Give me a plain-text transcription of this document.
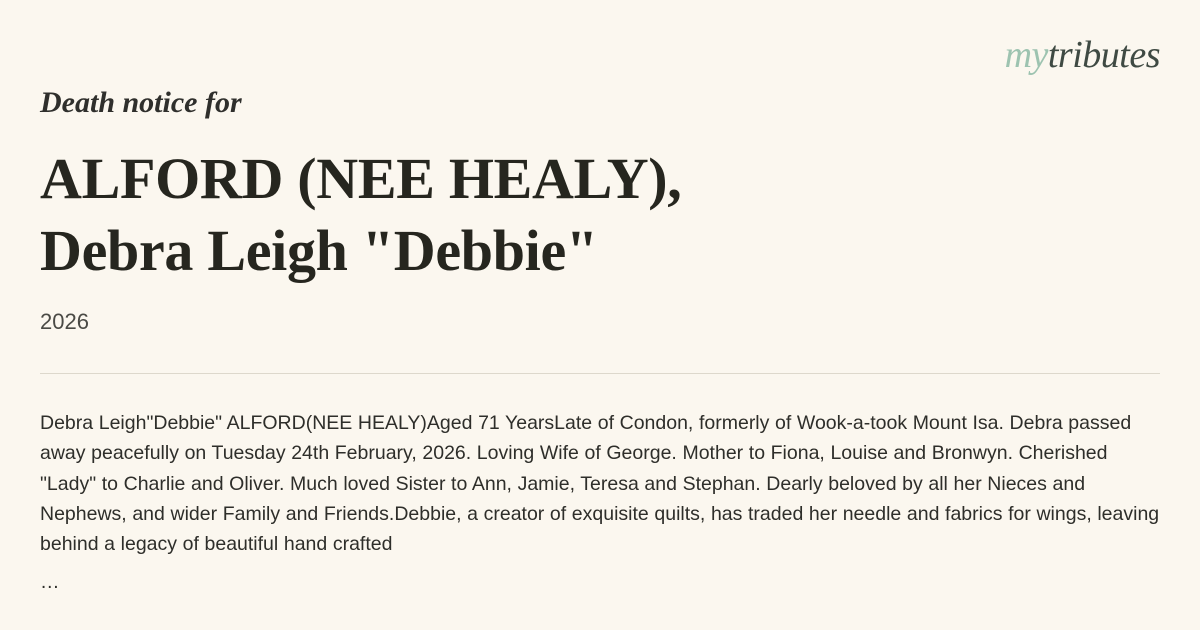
mytributes

Death notice for

ALFORD (NEE HEALY),
Debra Leigh "Debbie"

2026

Debra Leigh"Debbie" ALFORD(NEE HEALY)Aged 71 YearsLate of Condon, formerly of Wook-a-took Mount Isa. Debra passed away peacefully on Tuesday 24th February, 2026. Loving Wife of George. Mother to Fiona, Louise and Bronwyn. Cherished "Lady" to Charlie and Oliver. Much loved Sister to Ann, Jamie, Teresa and Stephan. Dearly beloved by all her Nieces and Nephews, and wider Family and Friends.Debbie, a creator of exquisite quilts, has traded her needle and fabrics for wings, leaving behind a legacy of beautiful hand crafted

…
